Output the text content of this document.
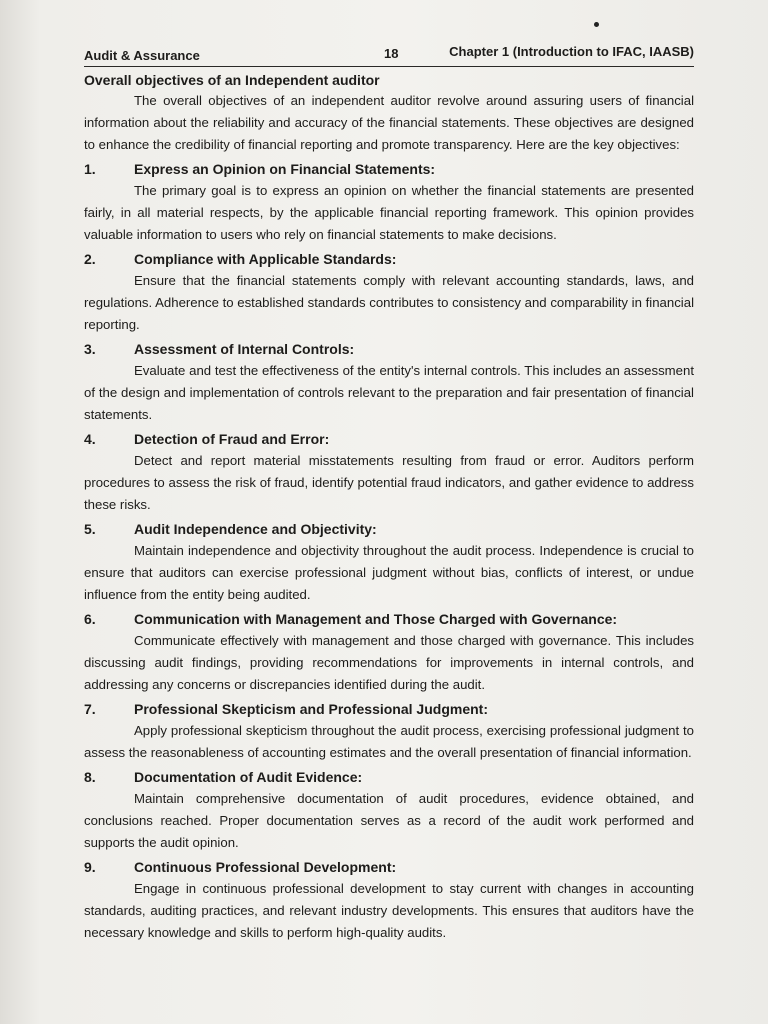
Audit & Assurance	18	Chapter 1 (Introduction to IFAC, IAASB)
Overall objectives of an Independent auditor

The overall objectives of an independent auditor revolve around assuring users of financial information about the reliability and accuracy of the financial statements. These objectives are designed to enhance the credibility of financial reporting and promote transparency. Here are the key objectives:

1.	Express an Opinion on Financial Statements:

The primary goal is to express an opinion on whether the financial statements are presented fairly, in all material respects, by the applicable financial reporting framework. This opinion provides valuable information to users who rely on financial statements to make decisions.

2.	Compliance with Applicable Standards:

Ensure that the financial statements comply with relevant accounting standards, laws, and regulations. Adherence to established standards contributes to consistency and comparability in financial reporting.

3.	Assessment of Internal Controls:

Evaluate and test the effectiveness of the entity's internal controls. This includes an assessment of the design and implementation of controls relevant to the preparation and fair presentation of financial statements.

4.	Detection of Fraud and Error:

Detect and report material misstatements resulting from fraud or error. Auditors perform procedures to assess the risk of fraud, identify potential fraud indicators, and gather evidence to address these risks.

5.	Audit Independence and Objectivity:

Maintain independence and objectivity throughout the audit process. Independence is crucial to ensure that auditors can exercise professional judgment without bias, conflicts of interest, or undue influence from the entity being audited.

6.	Communication with Management and Those Charged with Governance:

Communicate effectively with management and those charged with governance. This includes discussing audit findings, providing recommendations for improvements in internal controls, and addressing any concerns or discrepancies identified during the audit.

7.	Professional Skepticism and Professional Judgment:

Apply professional skepticism throughout the audit process, exercising professional judgment to assess the reasonableness of accounting estimates and the overall presentation of financial information.

8.	Documentation of Audit Evidence:

Maintain comprehensive documentation of audit procedures, evidence obtained, and conclusions reached. Proper documentation serves as a record of the audit work performed and supports the audit opinion.

9.	Continuous Professional Development:

Engage in continuous professional development to stay current with changes in accounting standards, auditing practices, and relevant industry developments. This ensures that auditors have the necessary knowledge and skills to perform high-quality audits.
